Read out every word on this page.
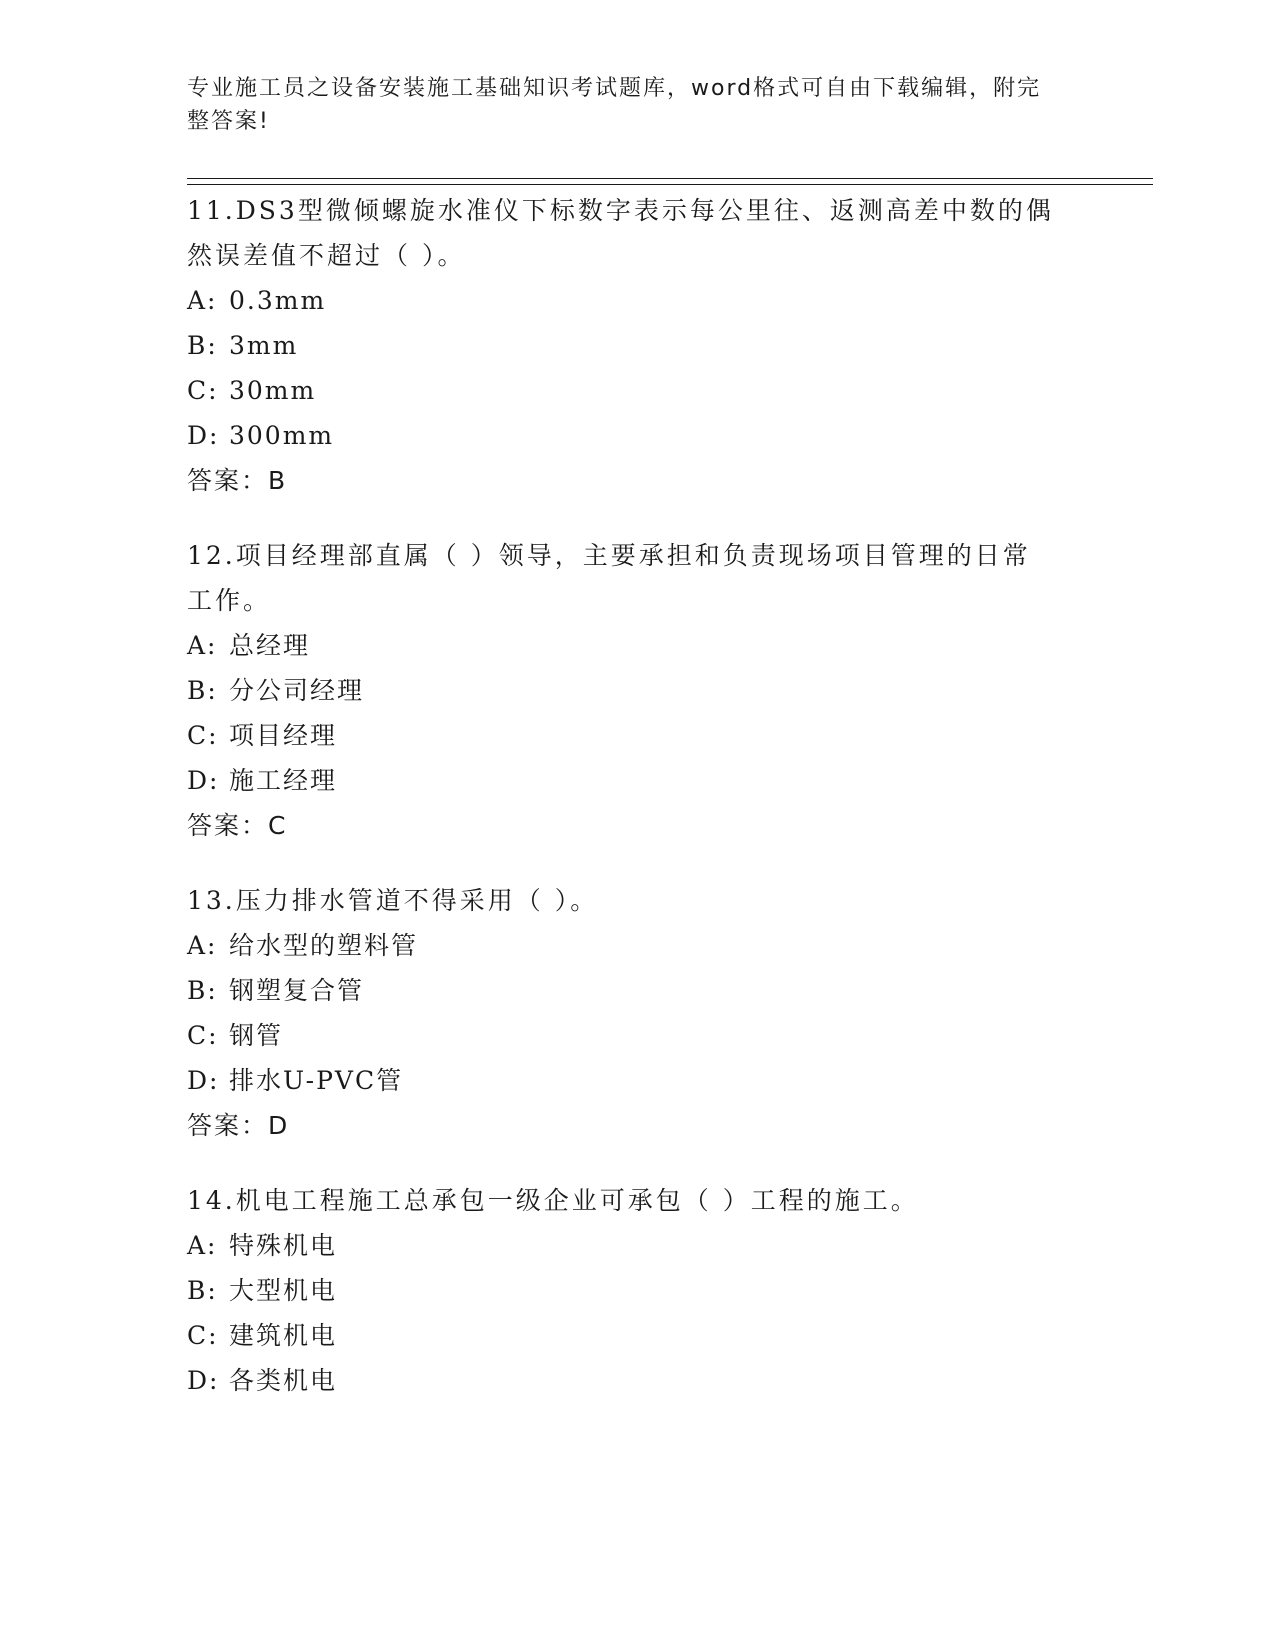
专业施工员之设备安装施工基础知识考试题库，word格式可自由下载编辑，附完
整答案!

11.DS3型微倾螺旋水准仪下标数字表示每公里往、返测高差中数的偶

然误差值不超过（ ）。

A: 0.3mm
B: 3mm
C: 30mm
D: 300mm

答案：B

12.项目经理部直属（ ）领导，主要承担和负责现场项目管理的日常

工作。

A: 总经理
B: 分公司经理
C: 项目经理
D: 施工经理

答案：C

13.压力排水管道不得采用（ ）。

A: 给水型的塑料管
B: 钢塑复合管
C: 钢管
D: 排水U-PVC管

答案：D

14.机电工程施工总承包一级企业可承包（ ）工程的施工。

A: 特殊机电
B: 大型机电
C: 建筑机电
D: 各类机电
